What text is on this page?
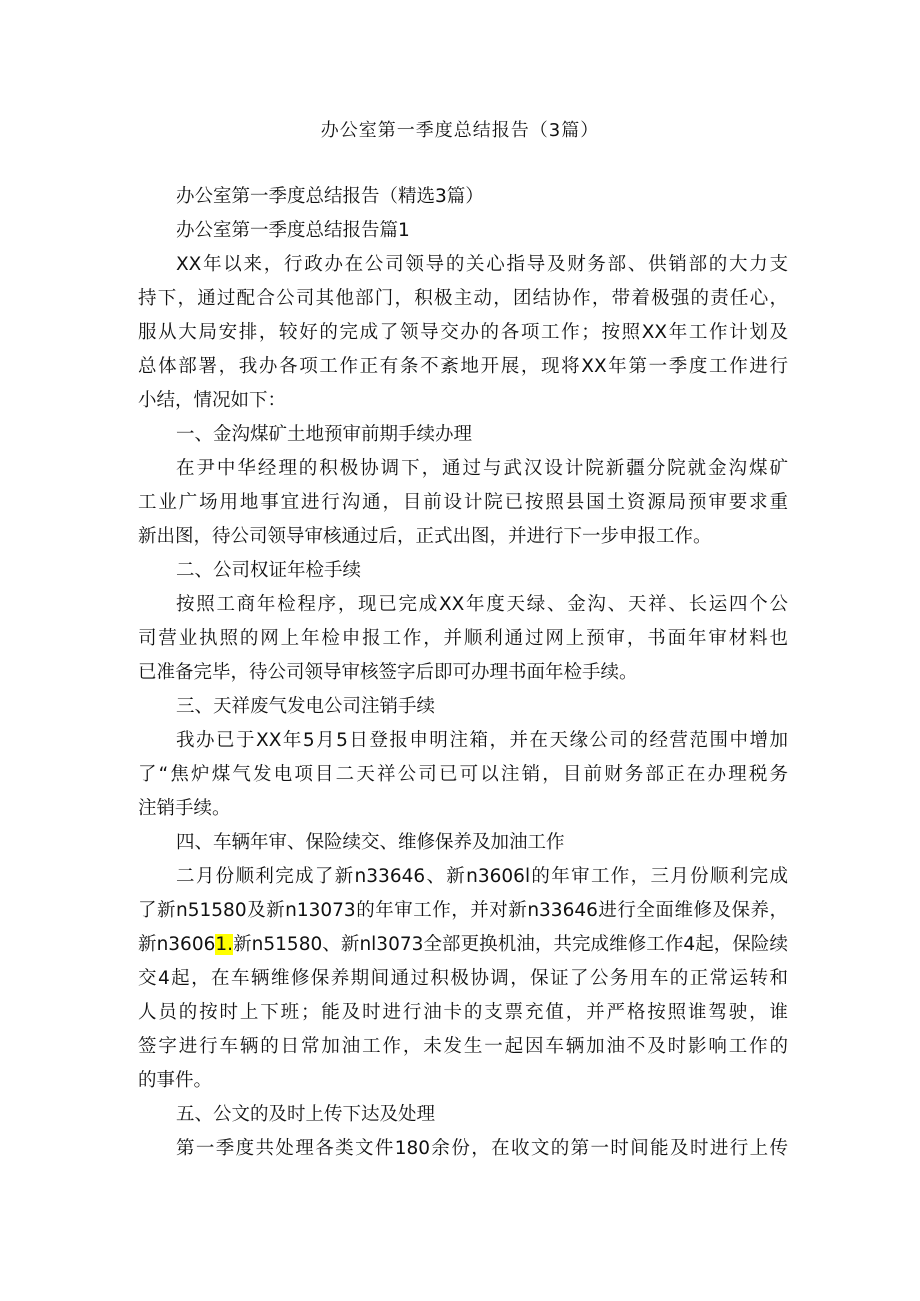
办公室第一季度总结报告（3篇）
办公室第一季度总结报告（精选3篇）
办公室第一季度总结报告篇1
XX年以来，行政办在公司领导的关心指导及财务部、供销部的大力支
持下，通过配合公司其他部门，积极主动，团结协作，带着极强的责任心，
服从大局安排，较好的完成了领导交办的各项工作；按照XX年工作计划及
总体部署，我办各项工作正有条不紊地开展，现将XX年第一季度工作进行
小结，情况如下：
一、金沟煤矿土地预审前期手续办理
在尹中华经理的积极协调下，通过与武汉设计院新疆分院就金沟煤矿
工业广场用地事宜进行沟通，目前设计院已按照县国土资源局预审要求重
新出图，待公司领导审核通过后，正式出图，并进行下一步申报工作。
二、公司权证年检手续
按照工商年检程序，现已完成XX年度天绿、金沟、天祥、长运四个公
司营业执照的网上年检申报工作，并顺利通过网上预审，书面年审材料也
已准备完毕，待公司领导审核签字后即可办理书面年检手续。
三、天祥废气发电公司注销手续
我办已于XX年5月5日登报申明注箱，并在天缘公司的经营范围中增加
了“焦炉煤气发电项目二天祥公司已可以注销，目前财务部正在办理税务
注销手续。
四、车辆年审、保险续交、维修保养及加油工作
二月份顺利完成了新n33646、新n3606l的年审工作，三月份顺利完成
了新n51580及新n13073的年审工作，并对新n33646进行全面维修及保养，
新n36061.新n51580、新nl3073全部更换机油，共完成维修工作4起，保险续
交4起，在车辆维修保养期间通过积极协调，保证了公务用车的正常运转和
人员的按时上下班；能及时进行油卡的支票充值，并严格按照谁驾驶，谁
签字进行车辆的日常加油工作，未发生一起因车辆加油不及时影响工作的
的事件。
五、公文的及时上传下达及处理
第一季度共处理各类文件180余份，在收文的第一时间能及时进行上传
